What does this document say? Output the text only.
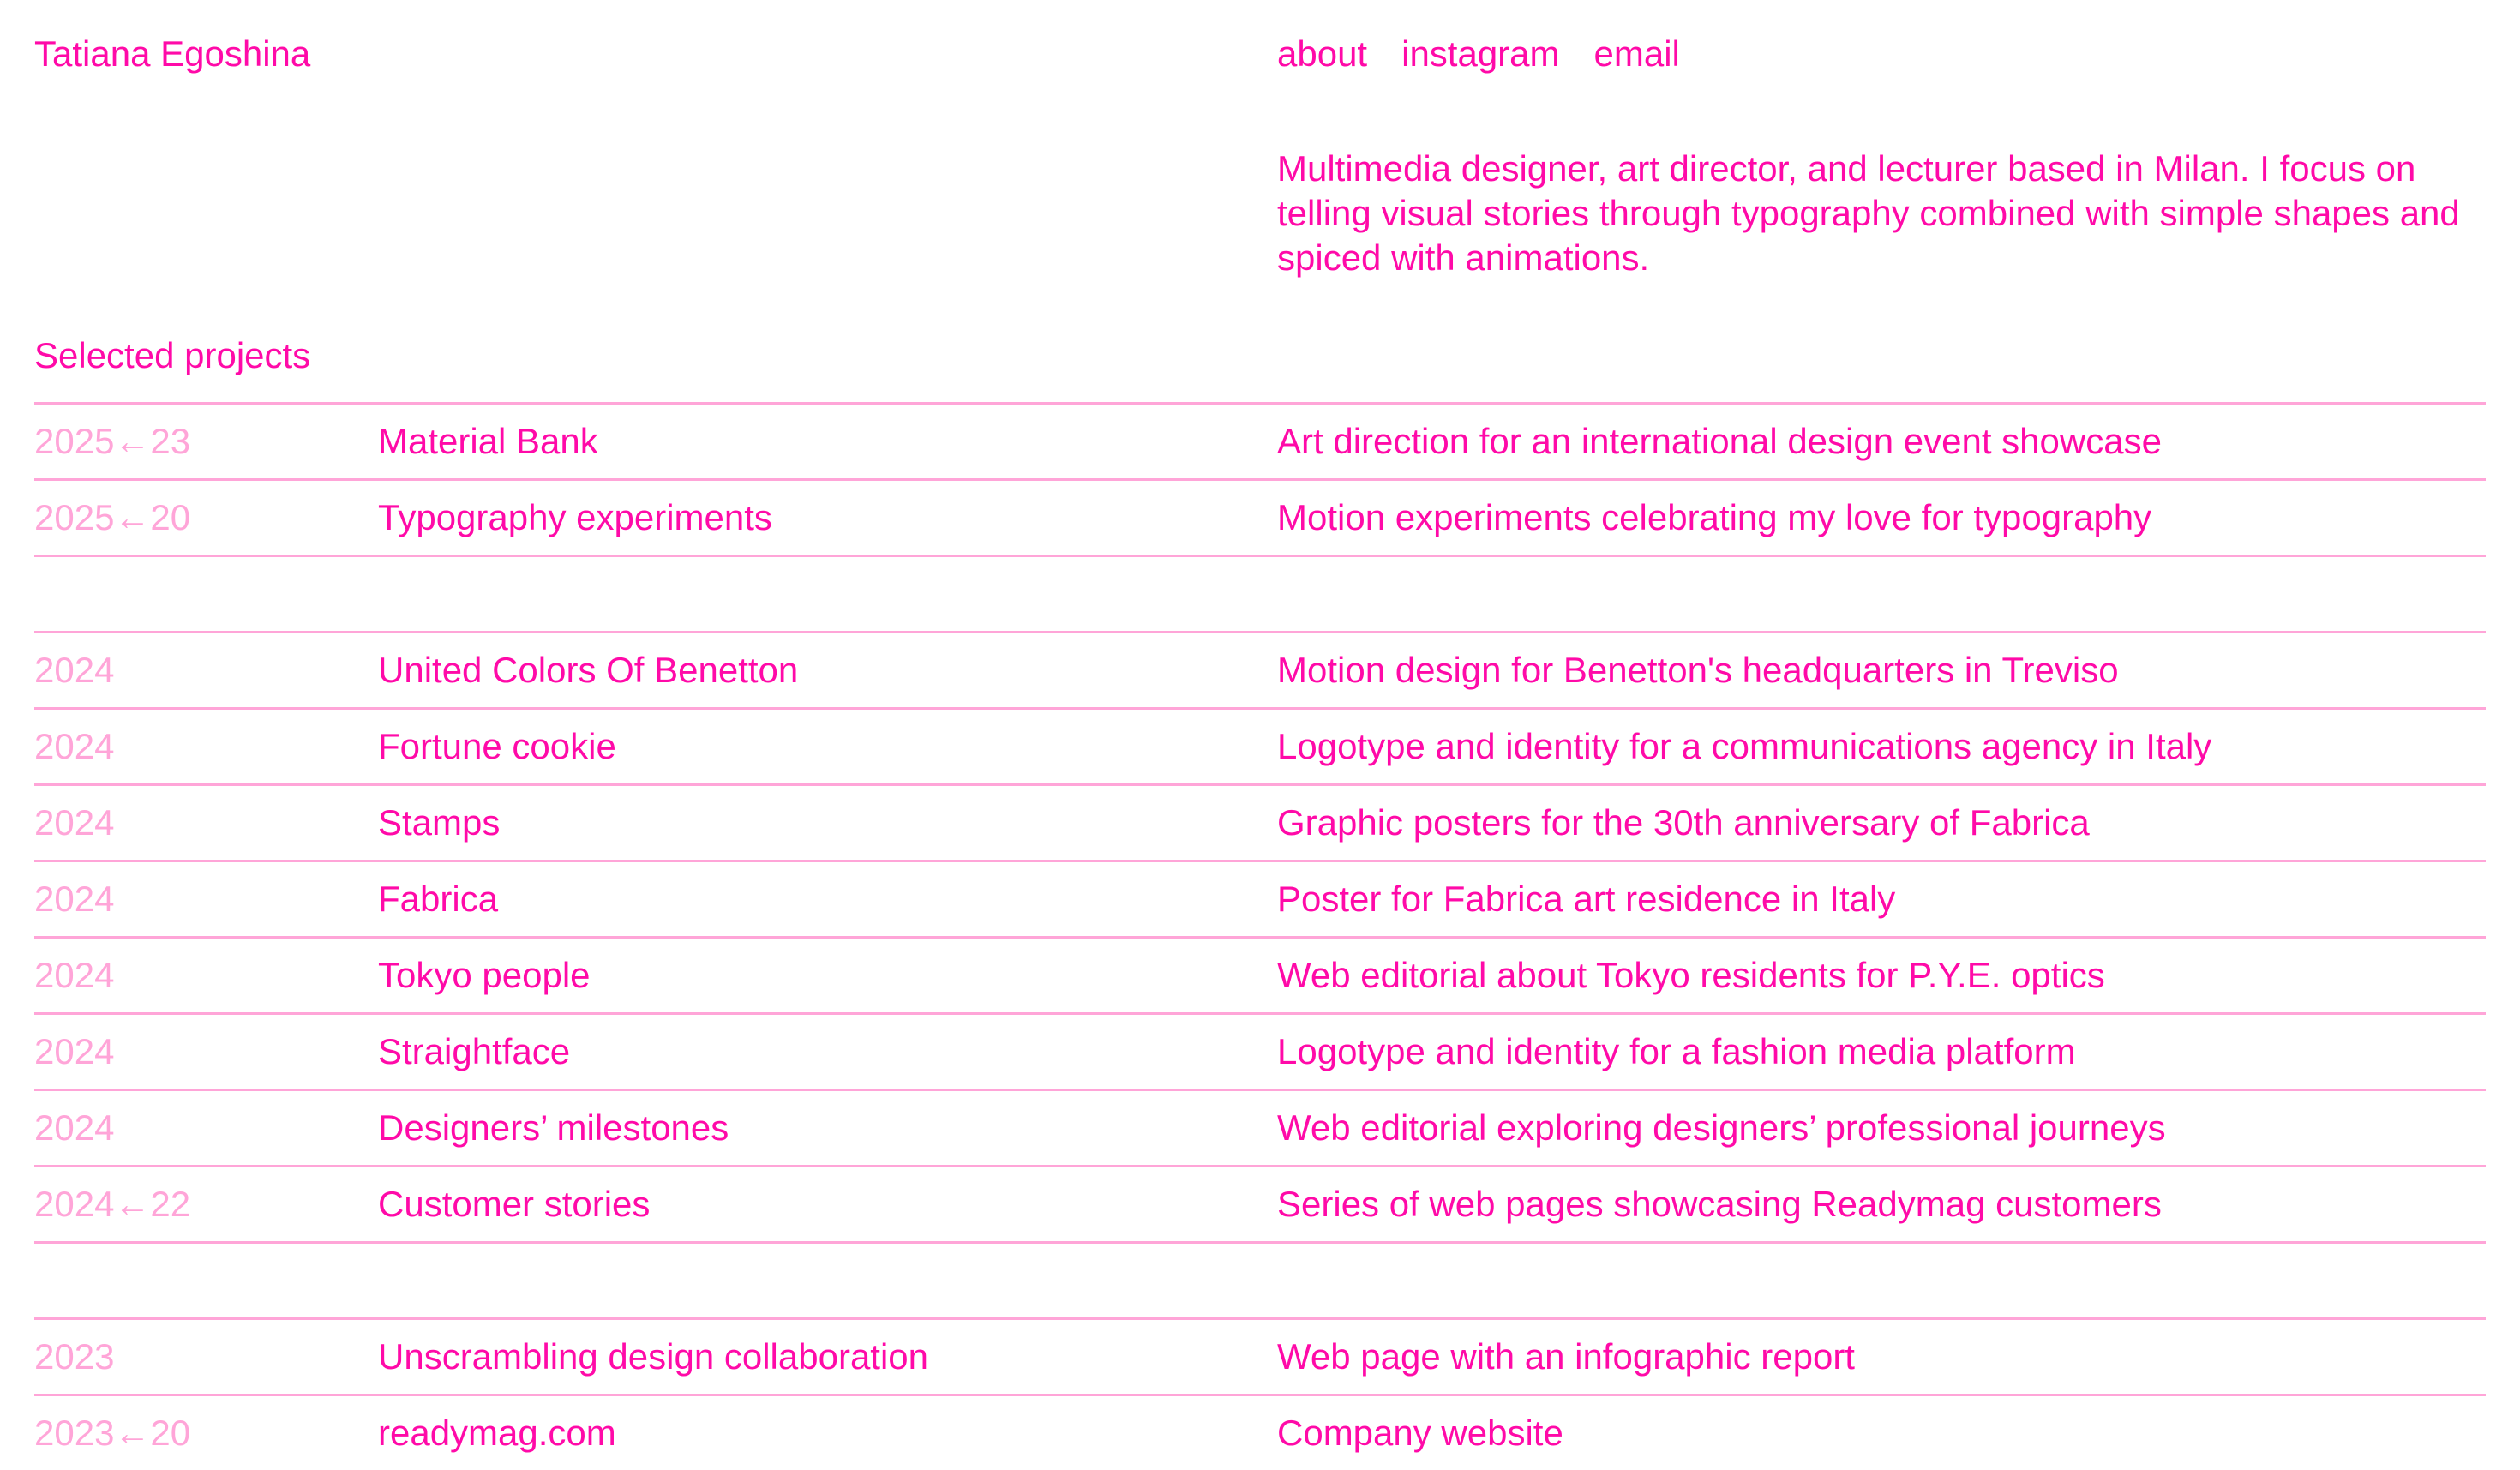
Tatiana Egoshina	about instagram email
Multimedia designer, art director, and lecturer based in Milan. I focus on telling visual stories through typography combined with simple shapes and spiced with animations.
Selected projects
2025←23	Material Bank	Art direction for an international design event showcase
2025←20	Typography experiments	Motion experiments celebrating my love for typography
2024	United Colors Of Benetton	Motion design for Benetton's headquarters in Treviso
2024	Fortune cookie	Logotype and identity for a communications agency in Italy
2024	Stamps	Graphic posters for the 30th anniversary of Fabrica
2024	Fabrica	Poster for Fabrica art residence in Italy
2024	Tokyo people	Web editorial about Tokyo residents for P.Y.E. optics
2024	Straightface	Logotype and identity for a fashion media platform
2024	Designers’ milestones	Web editorial exploring designers’ professional journeys
2024←22	Customer stories	Series of web pages showcasing Readymag customers
2023	Unscrambling design collaboration	Web page with an infographic report
2023←20	readymag.com	Company website
